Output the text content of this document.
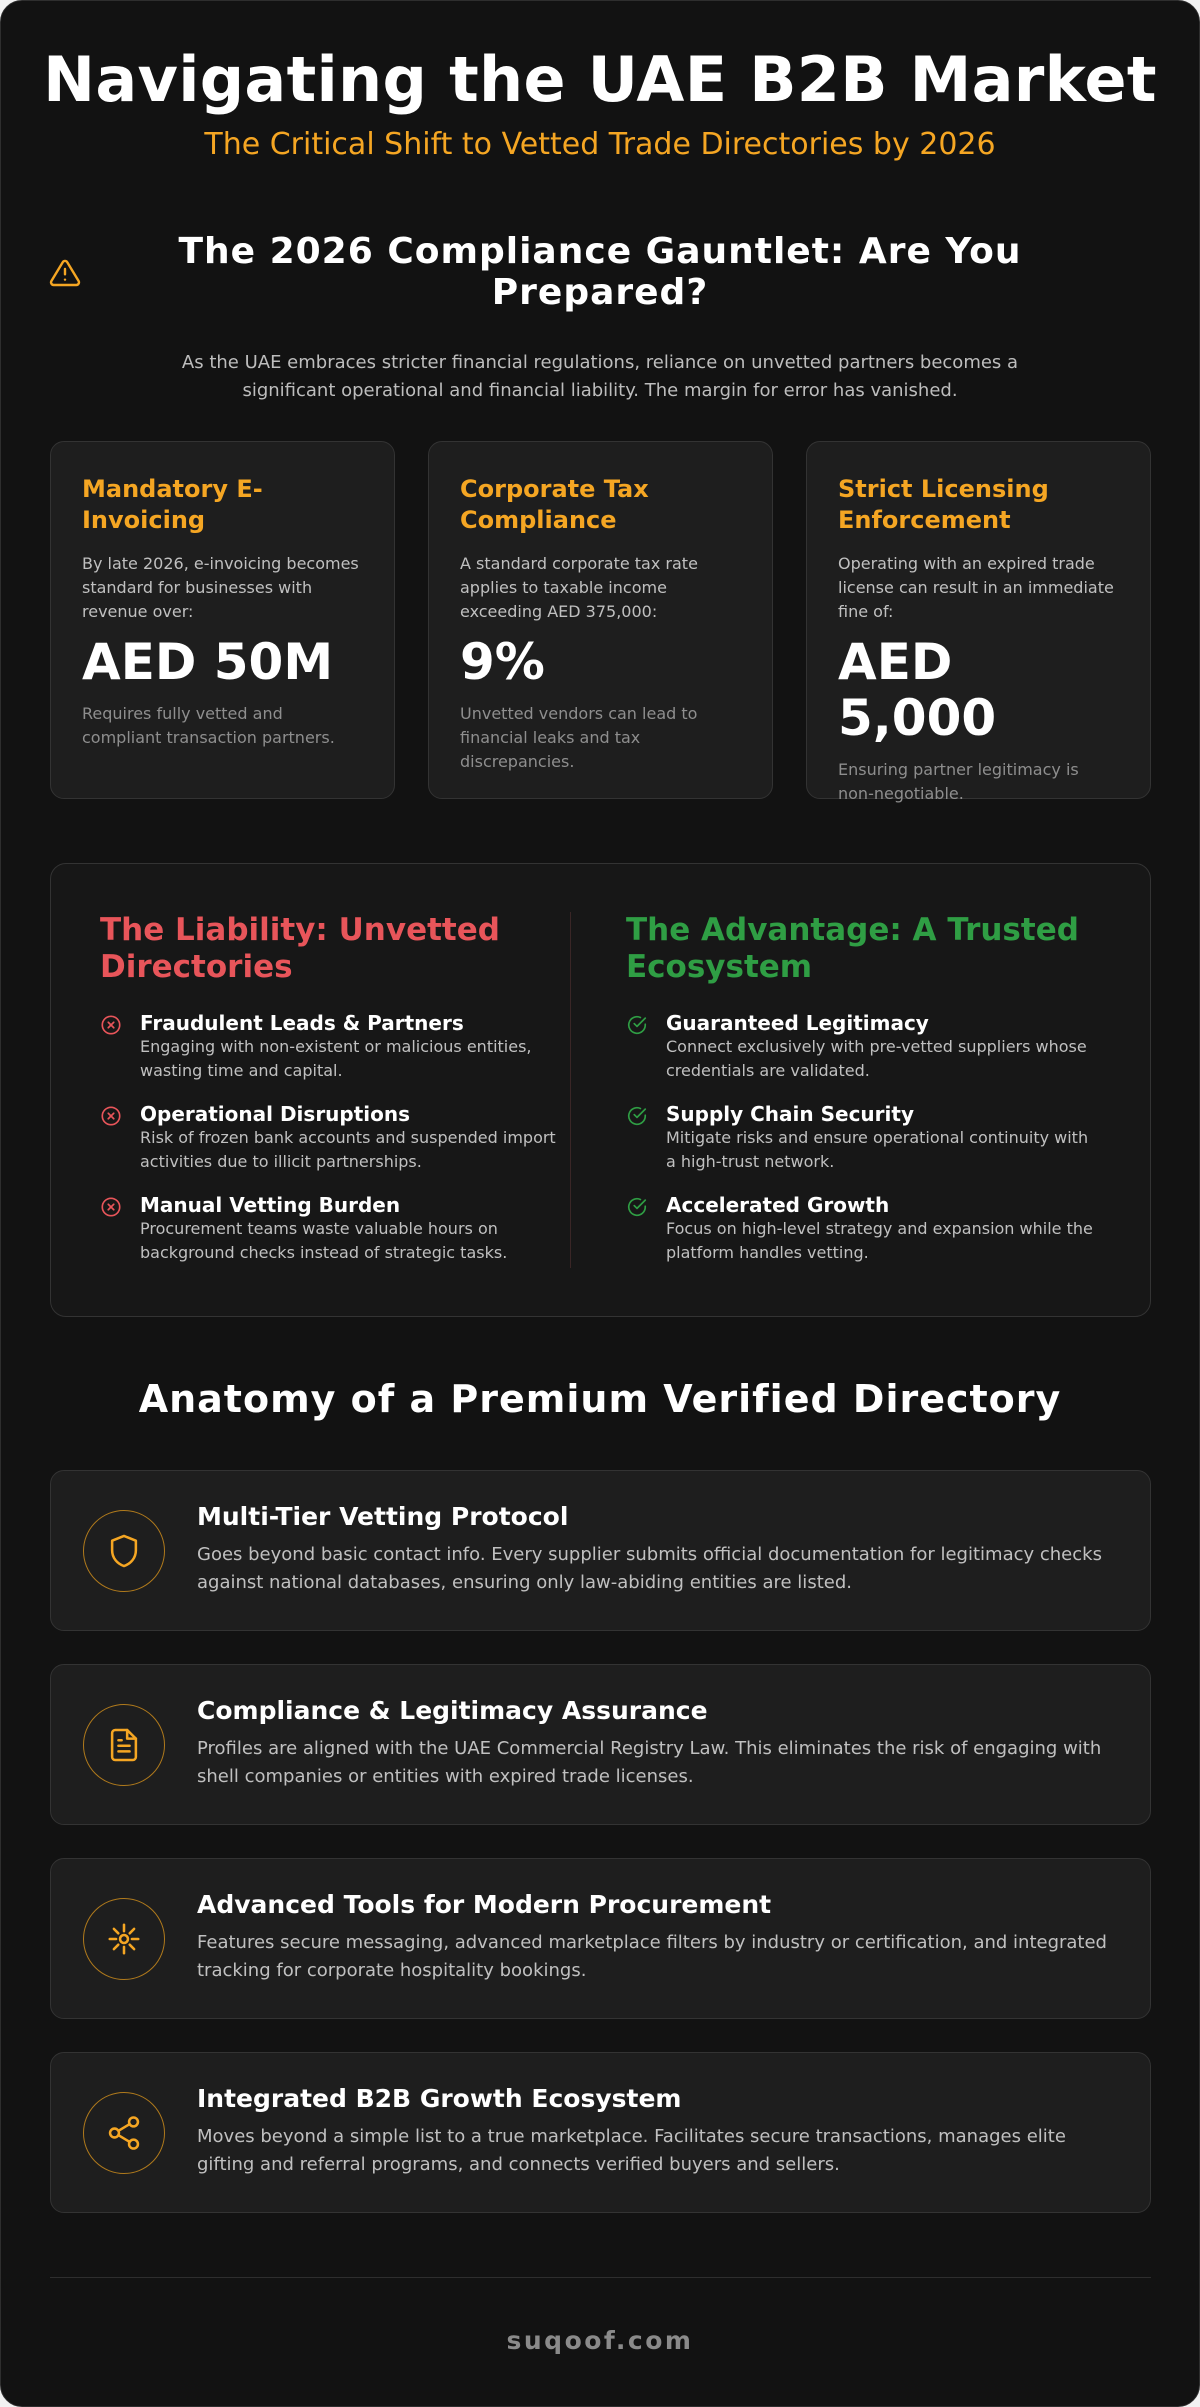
Navigating the UAE B2B Market
The Critical Shift to Vetted Trade Directories by 2026
The 2026 Compliance Gauntlet: Are You Prepared?
As the UAE embraces stricter financial regulations, reliance on unvetted partners becomes a significant operational and financial liability. The margin for error has vanished.
Mandatory E-Invoicing
By late 2026, e-invoicing becomes standard for businesses with revenue over:
AED 50M
Requires fully vetted and compliant transaction partners.
Corporate Tax Compliance
A standard corporate tax rate applies to taxable income exceeding AED 375,000:
9%
Unvetted vendors can lead to financial leaks and tax discrepancies.
Strict Licensing Enforcement
Operating with an expired trade license can result in an immediate fine of:
AED 5,000
Ensuring partner legitimacy is non-negotiable.
The Liability: Unvetted Directories
Fraudulent Leads & Partners
Engaging with non-existent or malicious entities, wasting time and capital.
Operational Disruptions
Risk of frozen bank accounts and suspended import activities due to illicit partnerships.
Manual Vetting Burden
Procurement teams waste valuable hours on background checks instead of strategic tasks.
The Advantage: A Trusted Ecosystem
Guaranteed Legitimacy
Connect exclusively with pre-vetted suppliers whose credentials are validated.
Supply Chain Security
Mitigate risks and ensure operational continuity with a high-trust network.
Accelerated Growth
Focus on high-level strategy and expansion while the platform handles vetting.
Anatomy of a Premium Verified Directory
Multi-Tier Vetting Protocol

Goes beyond basic contact info. Every supplier submits official documentation for legitimacy checks against national databases, ensuring only law-abiding entities are listed.

Compliance & Legitimacy Assurance

Profiles are aligned with the UAE Commercial Registry Law. This eliminates the risk of engaging with shell companies or entities with expired trade licenses.

Advanced Tools for Modern Procurement

Features secure messaging, advanced marketplace filters by industry or certification, and integrated tracking for corporate hospitality bookings.

Integrated B2B Growth Ecosystem

Moves beyond a simple list to a true marketplace. Facilitates secure transactions, manages elite gifting and referral programs, and connects verified buyers and sellers.

suqoof.com
